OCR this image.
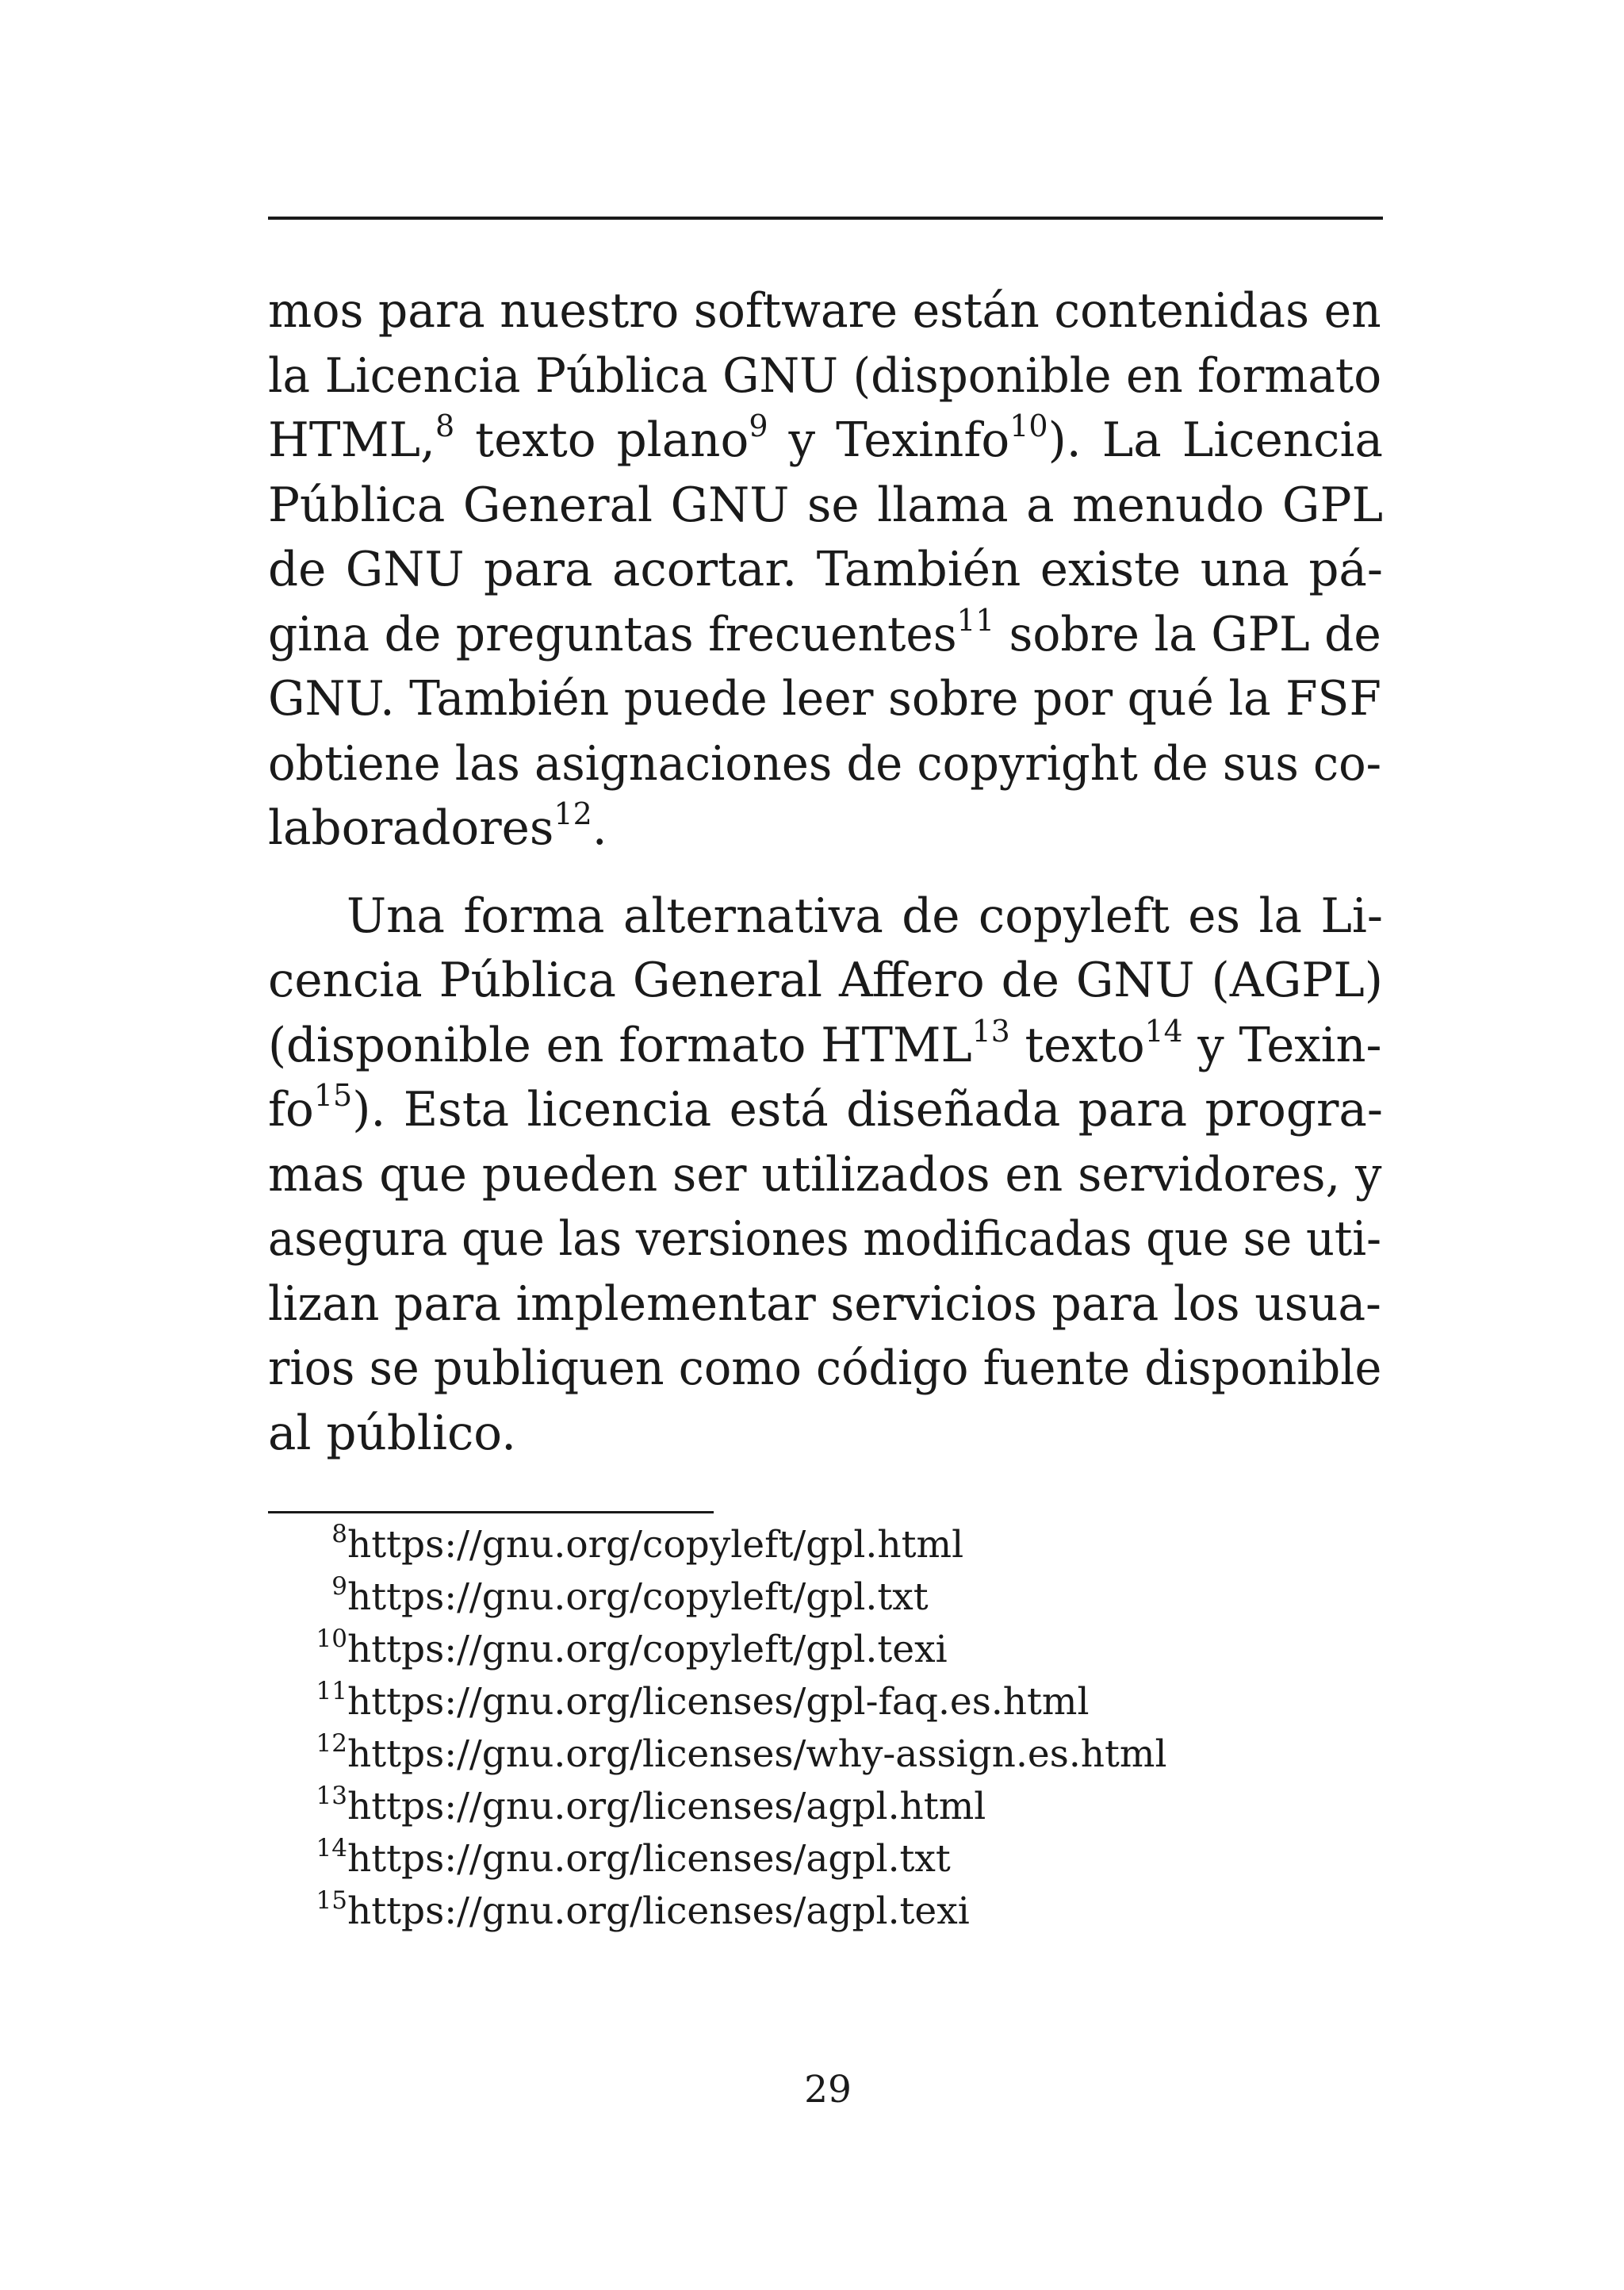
mos para nuestro software están contenidas en
la Licencia Pública GNU (disponible en formato
HTML,$^8$ texto plano$^9$ y Texinfo$^{10}$). La Licencia
Pública General GNU se llama a menudo GPL
de GNU para acortar. También existe una pá-
gina de preguntas frecuentes$^{11}$ sobre la GPL de
GNU. También puede leer sobre por qué la FSF
obtiene las asignaciones de copyright de sus co-
laboradores$^{12}$.
Una forma alternativa de copyleft es la Li-
cencia Pública General Affero de GNU (AGPL)
(disponible en formato HTML$^{13}$ texto$^{14}$ y Texin-
fo$^{15}$). Esta licencia está diseñada para progra-
mas que pueden ser utilizados en servidores, y
asegura que las versiones modificadas que se uti-
lizan para implementar servicios para los usua-
rios se publiquen como código fuente disponible
al público.
8https://gnu.org/copyleft/gpl.html
9https://gnu.org/copyleft/gpl.txt
10https://gnu.org/copyleft/gpl.texi
11https://gnu.org/licenses/gpl-faq.es.html
12https://gnu.org/licenses/why-assign.es.html
13https://gnu.org/licenses/agpl.html
14https://gnu.org/licenses/agpl.txt
15https://gnu.org/licenses/agpl.texi
29
